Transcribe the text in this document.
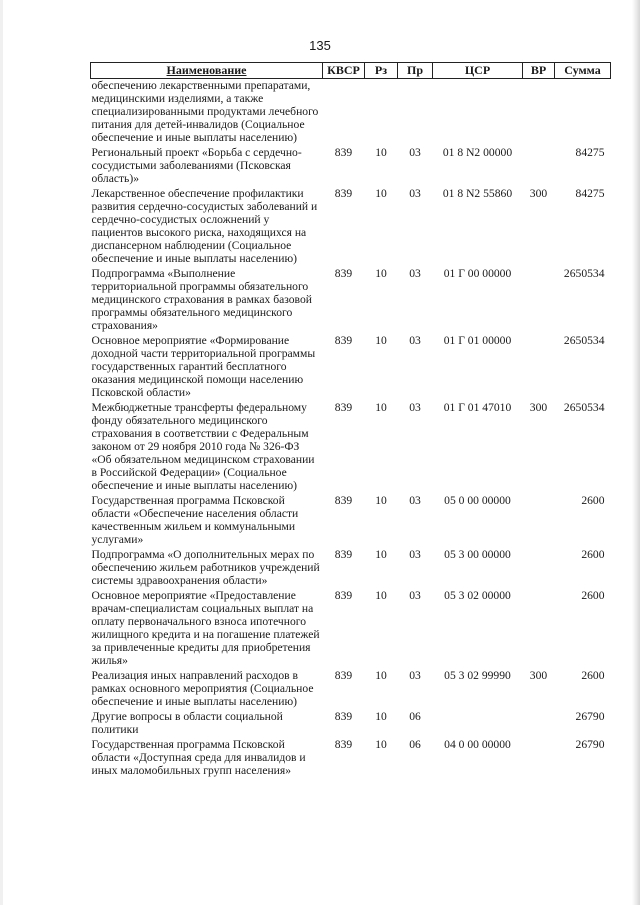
135
Наименование	КВСР	Рз	Пр	ЦСР	ВР	Сумма
обеспечению лекарственными препаратами, медицинскими изделиями, а также специализированными продуктами лечебного питания для детей-инвалидов (Социальное обеспечение и иные выплаты населению)						
Региональный проект «Борьба с сердечно-сосудистыми заболеваниями (Псковская область)»	839	10	03	01 8 N2 00000		84275
Лекарственное обеспечение профилактики развития сердечно-сосудистых заболеваний и сердечно-сосудистых осложнений у пациентов высокого риска, находящихся на диспансерном наблюдении (Социальное обеспечение и иные выплаты населению)	839	10	03	01 8 N2 55860	300	84275
Подпрограмма «Выполнение территориальной программы обязательного медицинского страхования в рамках базовой программы обязательного медицинского страхования»	839	10	03	01 Г 00 00000		2650534
Основное мероприятие «Формирование доходной части территориальной программы государственных гарантий бесплатного оказания медицинской помощи населению Псковской области»	839	10	03	01 Г 01 00000		2650534
Межбюджетные трансферты федеральному фонду обязательного медицинского страхования в соответствии с Федеральным законом от 29 ноября 2010 года № 326-ФЗ «Об обязательном медицинском страховании в Российской Федерации» (Социальное обеспечение и иные выплаты населению)	839	10	03	01 Г 01 47010	300	2650534
Государственная программа Псковской области «Обеспечение населения области качественным жильем и коммунальными услугами»	839	10	03	05 0 00 00000		2600
Подпрограмма «О дополнительных мерах по обеспечению жильем работников учреждений системы здравоохранения области»	839	10	03	05 3 00 00000		2600
Основное мероприятие «Предоставление врачам-специалистам социальных выплат на оплату первоначального взноса ипотечного жилищного кредита и на погашение платежей за привлеченные кредиты для приобретения жилья»	839	10	03	05 3 02 00000		2600
Реализация иных направлений расходов в рамках основного мероприятия (Социальное обеспечение и иные выплаты населению)	839	10	03	05 3 02 99990	300	2600
Другие вопросы в области социальной политики	839	10	06			26790
Государственная программа Псковской области «Доступная среда для инвалидов и иных маломобильных групп населения»	839	10	06	04 0 00 00000		26790
